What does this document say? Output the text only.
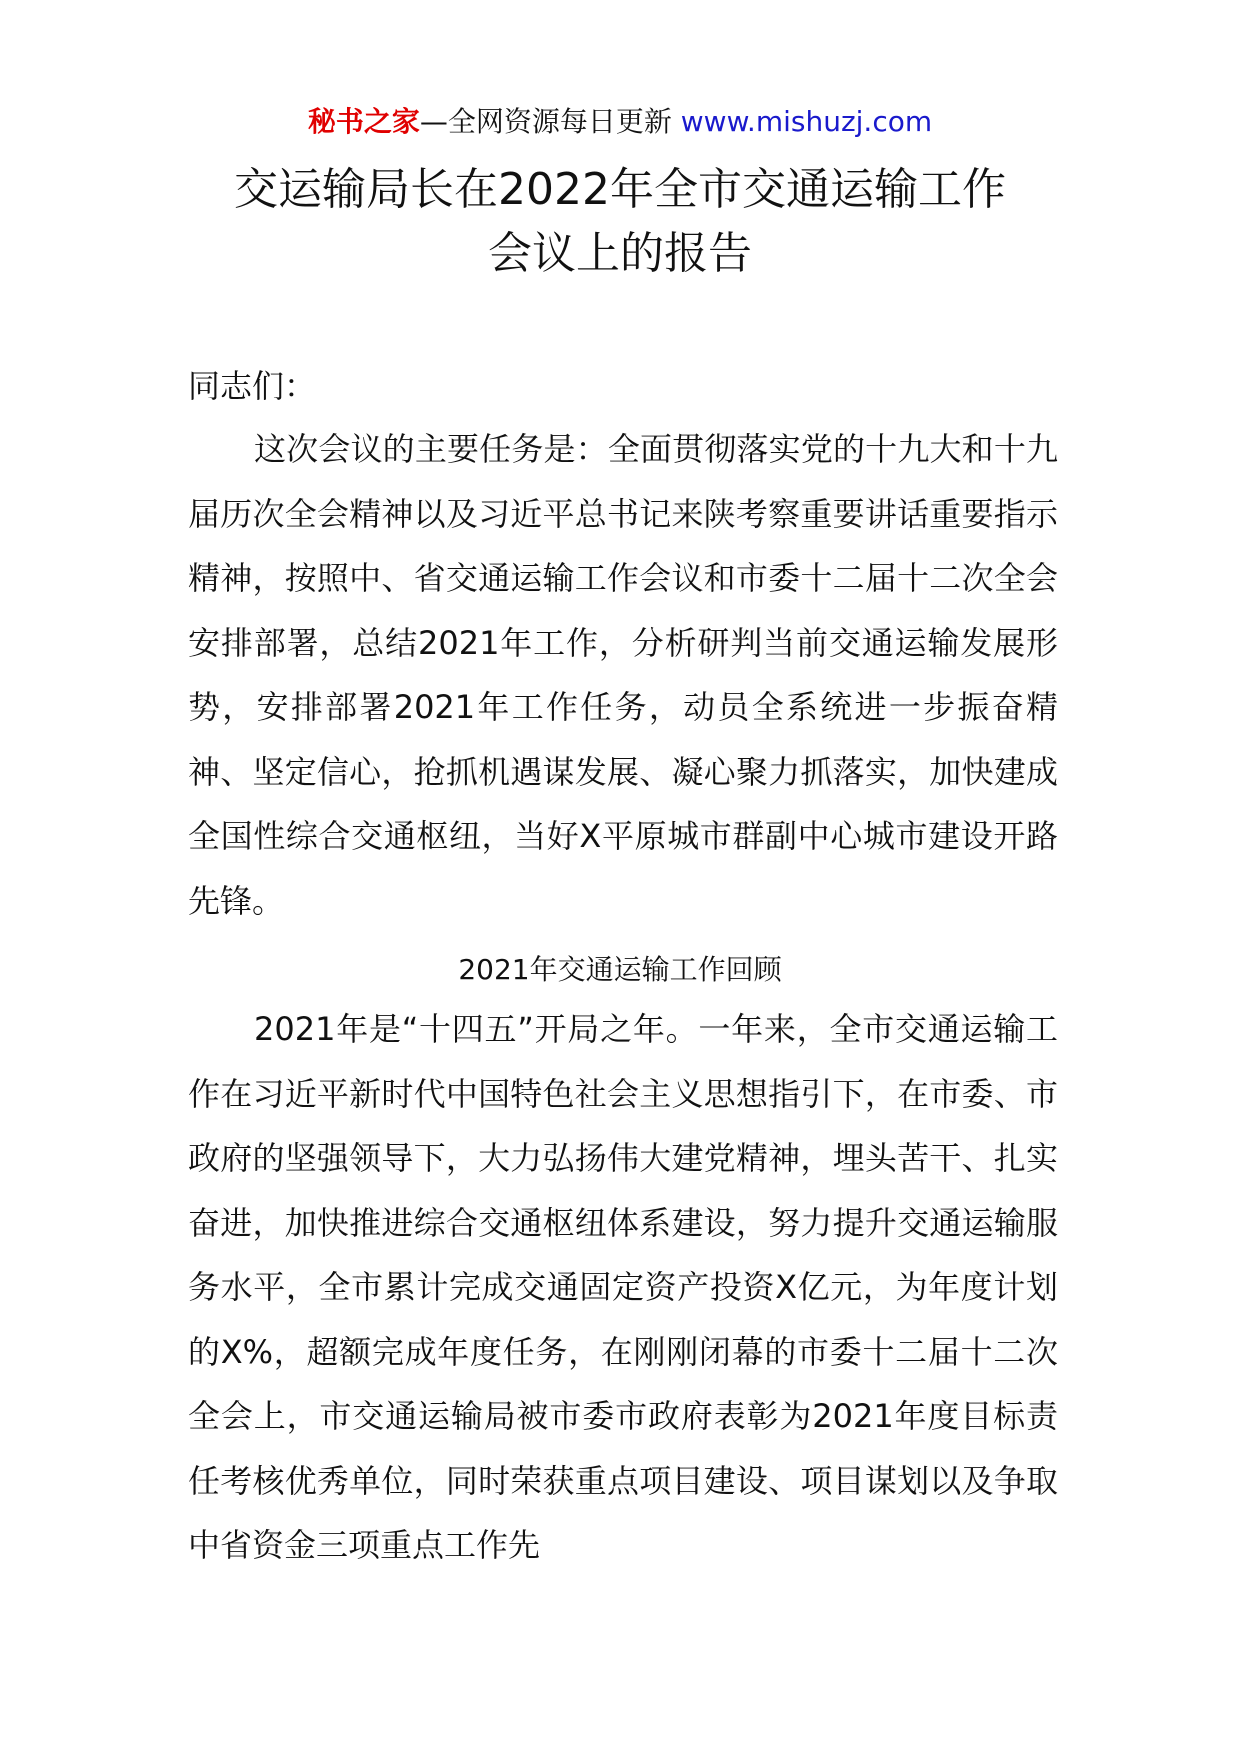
秘书之家—全网资源每日更新 www.mishuzj.com
交运输局长在2022年全市交通运输工作
会议上的报告
同志们：

这次会议的主要任务是：全面贯彻落实党的十九大和十九届历次全会精神以及习近平总书记来陕考察重要讲话重要指示精神，按照中、省交通运输工作会议和市委十二届十二次全会安排部署，总结2021年工作，分析研判当前交通运输发展形势，安排部署2021年工作任务，动员全系统进一步振奋精神、坚定信心，抢抓机遇谋发展、凝心聚力抓落实，加快建成全国性综合交通枢纽，当好X平原城市群副中心城市建设开路先锋。

2021年交通运输工作回顾

2021年是“十四五”开局之年。一年来，全市交通运输工作在习近平新时代中国特色社会主义思想指引下，在市委、市政府的坚强领导下，大力弘扬伟大建党精神，埋头苦干、扎实奋进，加快推进综合交通枢纽体系建设，努力提升交通运输服务水平，全市累计完成交通固定资产投资X亿元，为年度计划的X%，超额完成年度任务，在刚刚闭幕的市委十二届十二次全会上，市交通运输局被市委市政府表彰为2021年度目标责任考核优秀单位，同时荣获重点项目建设、项目谋划以及争取中省资金三项重点工作先
